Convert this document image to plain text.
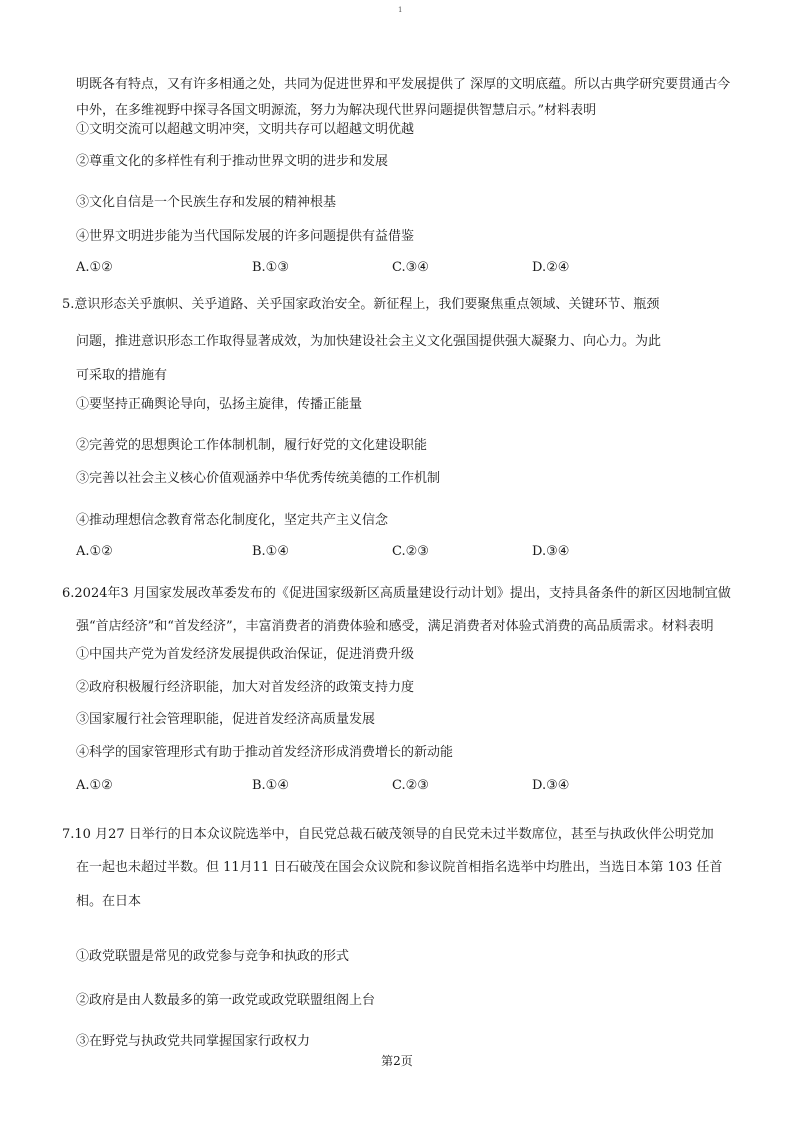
1
明既各有特点，又有许多相通之处，共同为促进世界和平发展提供了 深厚的文明底蕴。所以古典学研究要贯通古今
中外，在多维视野中探寻各国文明源流，努力为解决现代世界问题提供智慧启示。”材料表明
①文明交流可以超越文明冲突，文明共存可以超越文明优越
②尊重文化的多样性有利于推动世界文明的进步和发展
③文化自信是一个民族生存和发展的精神根基
④世界文明进步能为当代国际发展的许多问题提供有益借鉴
A.①②	B.①③	C.③④	D.②④
5.意识形态关乎旗帜、关乎道路、关乎国家政治安全。新征程上，我们要聚焦重点领域、关键环节、瓶颈
问题，推进意识形态工作取得显著成效，为加快建设社会主义文化强国提供强大凝聚力、向心力。为此
可采取的措施有
①要坚持正确舆论导向，弘扬主旋律，传播正能量
②完善党的思想舆论工作体制机制，履行好党的文化建设职能
③完善以社会主义核心价值观涵养中华优秀传统美德的工作机制
④推动理想信念教育常态化制度化，坚定共产主义信念
A.①②	B.①④	C.②③	D.③④
6.2024年3 月国家发展改革委发布的《促进国家级新区高质量建设行动计划》提出，支持具备条件的新区因地制宜做
强“首店经济”和“首发经济”，丰富消费者的消费体验和感受，满足消费者对体验式消费的高品质需求。材料表明
①中国共产党为首发经济发展提供政治保证，促进消费升级
②政府积极履行经济职能，加大对首发经济的政策支持力度
③国家履行社会管理职能，促进首发经济高质量发展
④科学的国家管理形式有助于推动首发经济形成消费增长的新动能
A.①②	B.①④	C.②③	D.③④
7.10 月27 日举行的日本众议院选举中，自民党总裁石破茂领导的自民党未过半数席位，甚至与执政伙伴公明党加
在一起也未超过半数。但 11月11 日石破茂在国会众议院和参议院首相指名选举中均胜出，当选日本第 103 任首
相。在日本
①政党联盟是常见的政党参与竞争和执政的形式
②政府是由人数最多的第一政党或政党联盟组阁上台
③在野党与执政党共同掌握国家行政权力
第2页
